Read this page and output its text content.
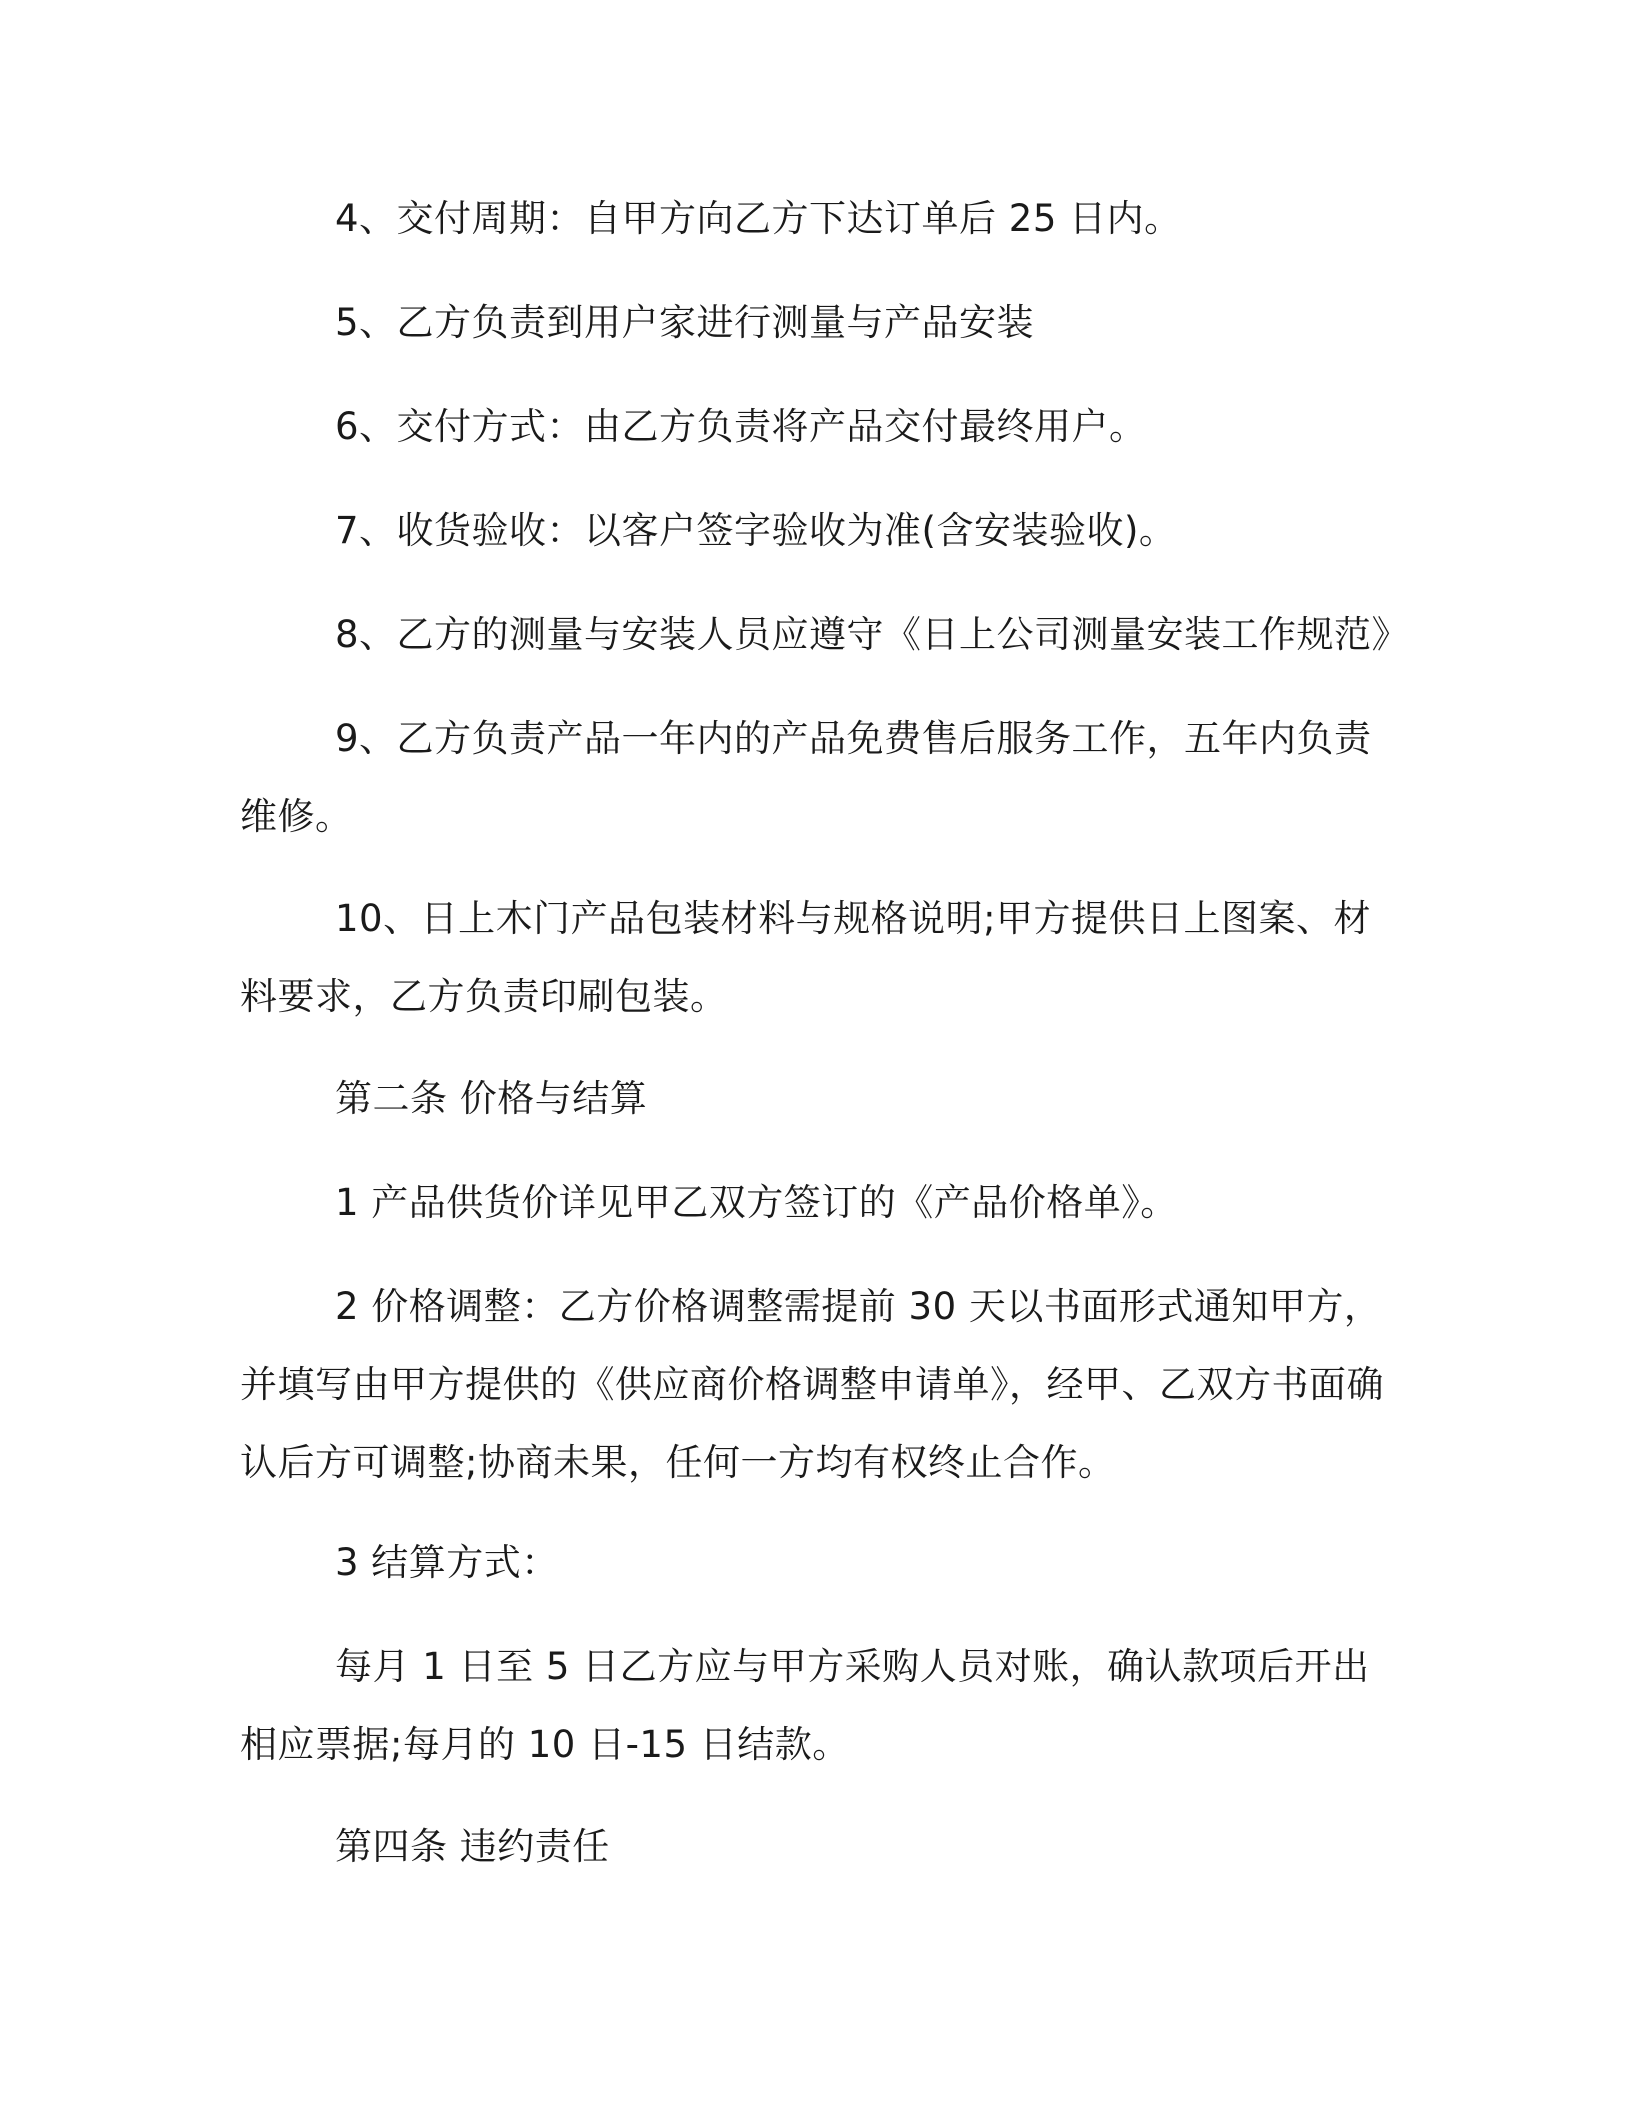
4、交付周期：自甲方向乙方下达订单后 25 日内。

5、乙方负责到用户家进行测量与产品安装

6、交付方式：由乙方负责将产品交付最终用户。

7、收货验收：以客户签字验收为准(含安装验收)。

8、乙方的测量与安装人员应遵守《日上公司测量安装工作规范》

9、乙方负责产品一年内的产品免费售后服务工作，五年内负责维修。

10、日上木门产品包装材料与规格说明;甲方提供日上图案、材料要求，乙方负责印刷包装。

第二条 价格与结算

1 产品供货价详见甲乙双方签订的《产品价格单》。

2 价格调整：乙方价格调整需提前 30 天以书面形式通知甲方，并填写由甲方提供的《供应商价格调整申请单》，经甲、乙双方书面确认后方可调整;协商未果，任何一方均有权终止合作。

3 结算方式：

每月 1 日至 5 日乙方应与甲方采购人员对账，确认款项后开出相应票据;每月的 10 日-15 日结款。

第四条 违约责任
